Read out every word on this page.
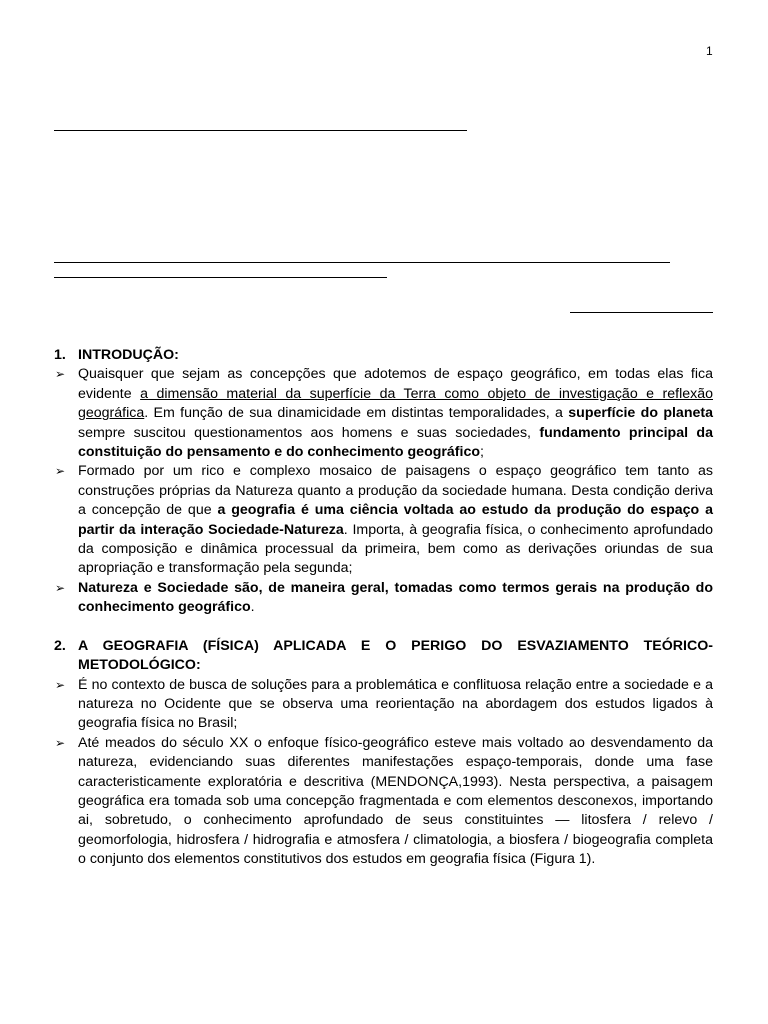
1
1. INTRODUÇÃO:
➢ Quaisquer que sejam as concepções que adotemos de espaço geográfico, em todas elas fica evidente a dimensão material da superfície da Terra como objeto de investigação e reflexão geográfica. Em função de sua dinamicidade em distintas temporalidades, a superfície do planeta sempre suscitou questionamentos aos homens e suas sociedades, fundamento principal da constituição do pensamento e do conhecimento geográfico;
➢ Formado por um rico e complexo mosaico de paisagens o espaço geográfico tem tanto as construções próprias da Natureza quanto a produção da sociedade humana. Desta condição deriva a concepção de que a geografia é uma ciência voltada ao estudo da produção do espaço a partir da interação Sociedade-Natureza. Importa, à geografia física, o conhecimento aprofundado da composição e dinâmica processual da primeira, bem como as derivações oriundas de sua apropriação e transformação pela segunda;
➢ Natureza e Sociedade são, de maneira geral, tomadas como termos gerais na produção do conhecimento geográfico.
2. A GEOGRAFIA (FÍSICA) APLICADA E O PERIGO DO ESVAZIAMENTO TEÓRICO-METODOLÓGICO:
➢ É no contexto de busca de soluções para a problemática e conflituosa relação entre a sociedade e a natureza no Ocidente que se observa uma reorientação na abordagem dos estudos ligados à geografia física no Brasil;
➢ Até meados do século XX o enfoque físico-geográfico esteve mais voltado ao desvendamento da natureza, evidenciando suas diferentes manifestações espaço-temporais, donde uma fase caracteristicamente exploratória e descritiva (MENDONÇA,1993). Nesta perspectiva, a paisagem geográfica era tomada sob uma concepção fragmentada e com elementos desconexos, importando ai, sobretudo, o conhecimento aprofundado de seus constituintes — litosfera / relevo / geomorfologia, hidrosfera / hidrografia e atmosfera / climatologia, a biosfera / biogeografia completa o conjunto dos elementos constitutivos dos estudos em geografia física (Figura 1).
